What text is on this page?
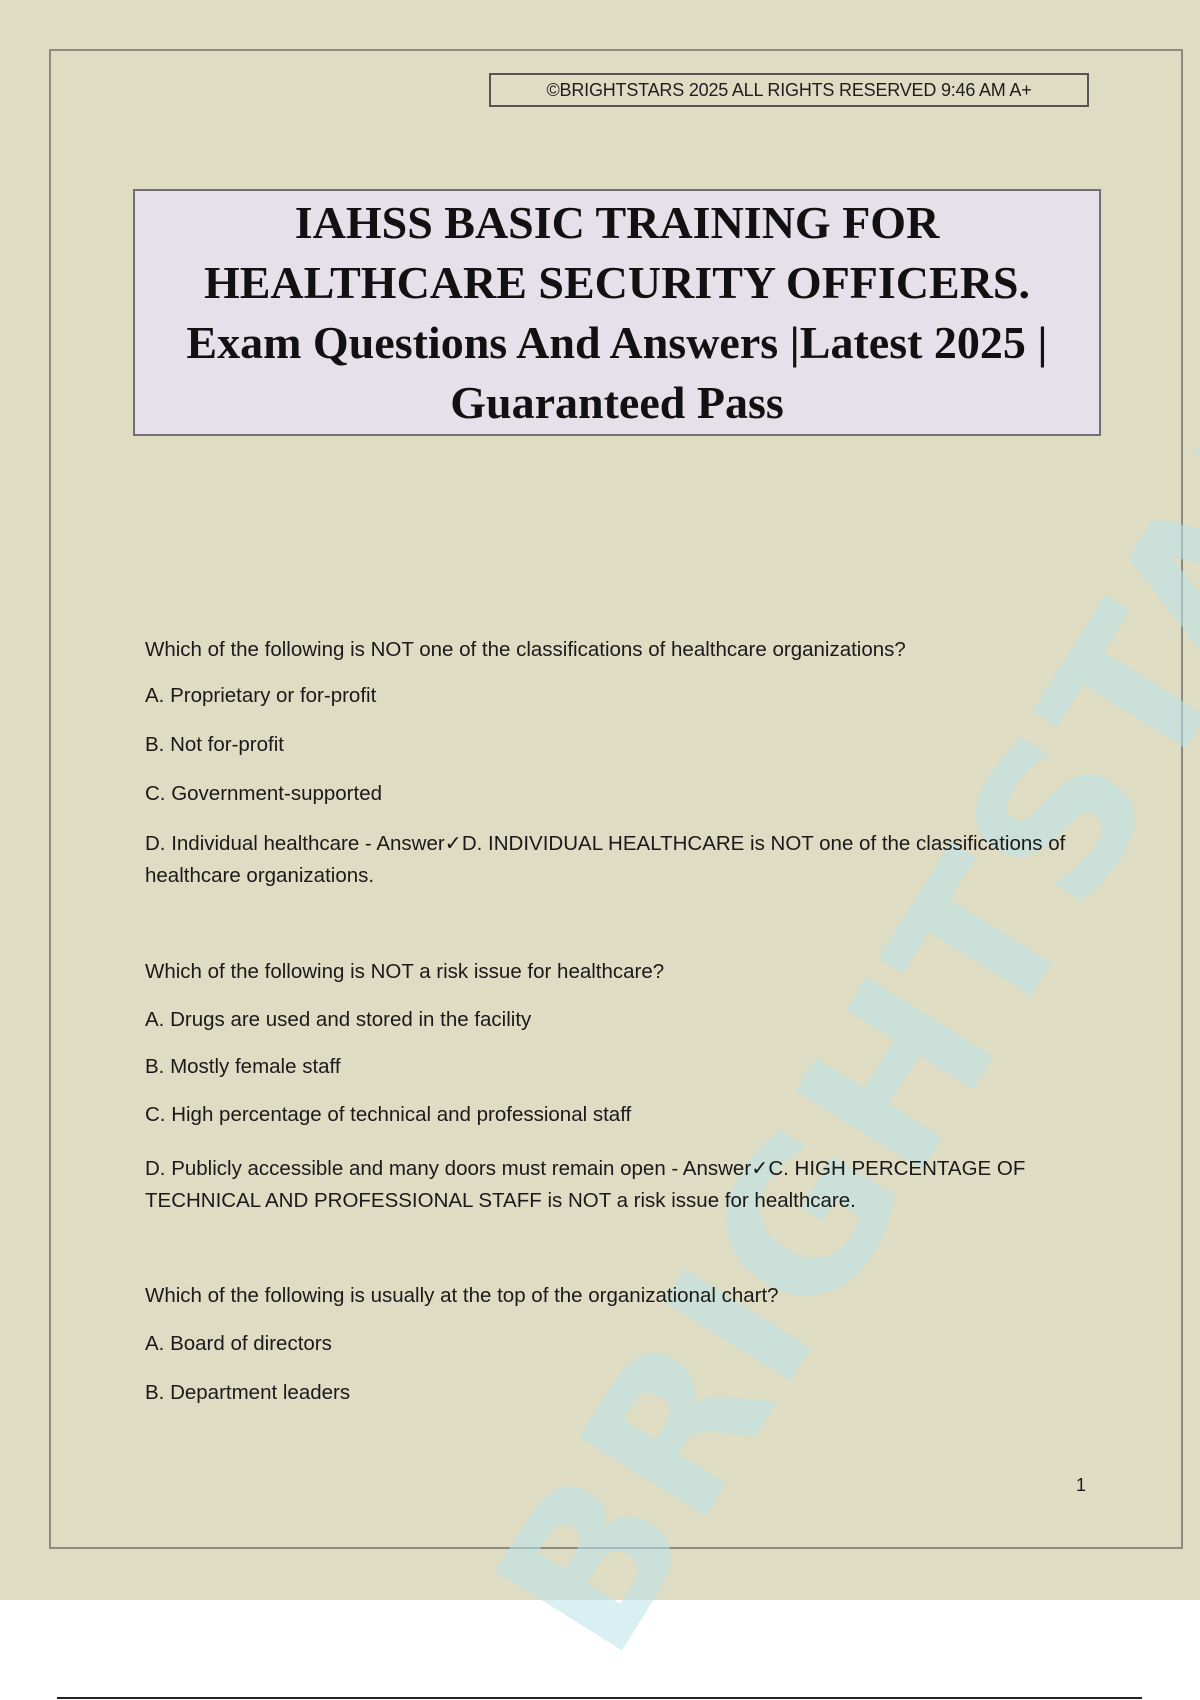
©BRIGHTSTARS 2025 ALL RIGHTS RESERVED 9:46 AM A+
IAHSS BASIC TRAINING FOR
HEALTHCARE SECURITY OFFICERS.
Exam Questions And Answers |Latest 2025 |
Guaranteed Pass
Which of the following is NOT one of the classifications of healthcare organizations?
A. Proprietary or for-profit
B. Not for-profit
C. Government-supported
D. Individual healthcare - Answer✓D. INDIVIDUAL HEALTHCARE is NOT one of the classifications of healthcare organizations.
Which of the following is NOT a risk issue for healthcare?
A. Drugs are used and stored in the facility
B. Mostly female staff
C. High percentage of technical and professional staff
D. Publicly accessible and many doors must remain open - Answer✓C. HIGH PERCENTAGE OF TECHNICAL AND PROFESSIONAL STAFF is NOT a risk issue for healthcare.
Which of the following is usually at the top of the organizational chart?
A. Board of directors
B. Department leaders
1
